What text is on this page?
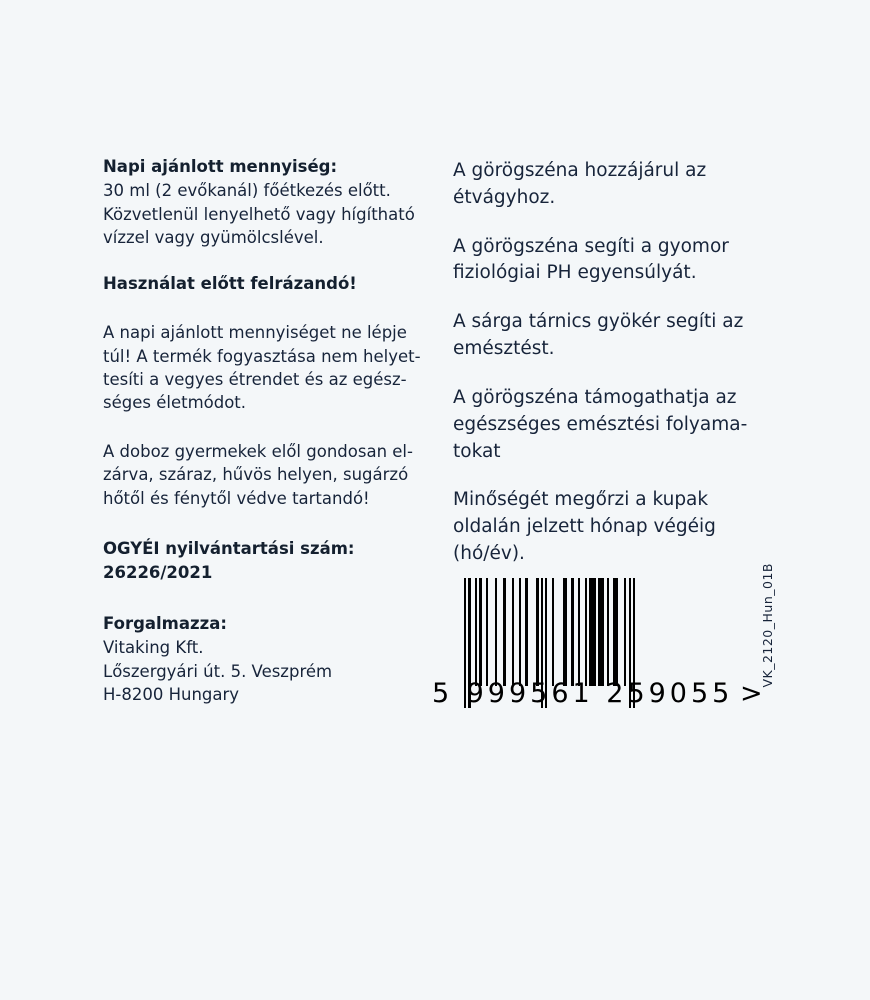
Napi ajánlott mennyiség:

30 ml (2 evőkanál) főétkezés előtt.
Közvetlenül lenyelhető vagy hígítható
vízzel vagy gyümölcslével.

Használat előtt felrázandó!

A napi ajánlott mennyiséget ne lépje
túl! A termék fogyasztása nem helyet-
tesíti a vegyes étrendet és az egész-
séges életmódot.

A doboz gyermekek elől gondosan el-
zárva, száraz, hűvös helyen, sugárzó
hőtől és fénytől védve tartandó!

OGYÉI nyilvántartási szám:

26226/2021

Forgalmazza:

Vitaking Kft.
Lőszergyári út. 5. Veszprém
H-8200 Hungary

A görögszéna hozzájárul az
étvágyhoz.

A görögszéna segíti a gyomor
fiziológiai PH egyensúlyát.

A sárga tárnics gyökér segíti az
emésztést.

A görögszéna támogathatja az
egészséges emésztési folyama-
tokat

Minőségét megőrzi a kupak
oldalán jelzett hónap végéig
(hó/év).

5 999561 259055 >
VK_2120_Hun_01B
